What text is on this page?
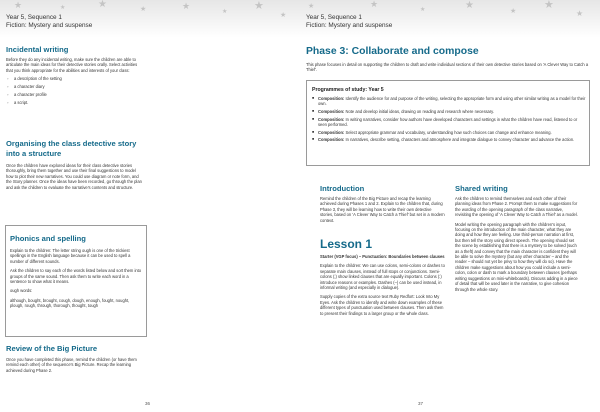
★	★	★	★	★
★ ★
★
Year 5, Sequence 1
Fiction: Mystery and suspense
Incidental writing
Before they do any incidental writing, make sure the children are able to articulate the main ideas for their detective stories orally. Select activities that you think appropriate for the abilities and interests of your class:
◦ a description of the setting
◦ a character diary
◦ a character profile
◦ a script.
Organising the class detective story into a structure
Once the children have explored ideas for their class detective stories thoroughly, bring them together and use their final suggestions to model how to plot their new narratives. You could use diagram or note form, and the Story planner. Once the ideas have been recorded, go through the plan and ask the children to evaluate the narrative's contents and structure.
Phonics and spelling
Explain to the children: The letter string ough is one of the trickiest spellings in the English language because it can be used to spell a number of different sounds.
Ask the children to say each of the words listed below and sort them into groups of the same sound. Then ask them to write each word in a sentence to show what it means.
ough words:
although, bought, brought, cough, dough, enough, fought, nought, plough, rough, through, thorough, thought, tough
Review of the Big Picture
Once you have completed this phase, remind the children (or have them remind each other) of the sequence's Big Picture. Recap the learning achieved during Phase 2.
36
★	★
★	★
★
★
★
Year 5, Sequence 1
Fiction: Mystery and suspense
Phase 3: Collaborate and compose
This phase focuses in detail on supporting the children to draft and write individual sections of their own detective stories based on 'A Clever Way to Catch a Thief'.
Programmes of study: Year 5
■ Composition: Identify the audience for and purpose of the writing, selecting the appropriate form and using other similar writing as a model for their own.
■ Composition: Note and develop initial ideas, drawing on reading and research where necessary.
■ Composition: In writing narratives, consider how authors have developed characters and settings in what the children have read, listened to or seen performed.
■ Composition: Select appropriate grammar and vocabulary, understanding how such choices can change and enhance meaning.
■ Composition: In narratives, describe setting, characters and atmosphere and integrate dialogue to convey character and advance the action.
Introduction
Remind the children of the Big Picture and recap the learning achieved during Phases 1 and 2. Explain to the children that, during Phase 3, they will be learning how to write their own detective stories, based on 'A Clever Way to Catch a Thief' but set in a modern context.
Lesson 1
Starter (VGP focus) – Punctuation: Boundaries between clauses
Explain to the children: We can use colons, semi-colons or dashes to separate main clauses, instead of full stops or conjunctions. Semi-colons (;) show linked clauses that are equally important. Colons (:) introduce reasons or examples. Dashes (–) can be used instead, in informal writing (and especially in dialogue).
Supply copies of the extra source text Ruby Redfort: Look Into My Eyes. Ask the children to identify and write down examples of these different types of punctuation used between clauses. Then ask them to present their findings to a larger group or the whole class.
Shared writing
Ask the children to remind themselves and each other of their planning ideas from Phase 2. Prompt them to make suggestions for the wording of the opening paragraph of the class narrative, revisiting the opening of 'A Clever Way to Catch a Thief' as a model.
Model writing the opening paragraph with the children's input, focusing on the introduction of the main character, what they are doing and how they are feeling. Use third-person narration at first, but then tell the story using direct speech. The opening should set the scene by establishing that there is a mystery to be solved (such as a theft) and convey that the main character is confident they will be able to solve the mystery (but any other character – and the reader – should not yet be privy to how they will do so). Have the children make suggestions about how you could include a semi-colon, colon or dash to mark a boundary between clauses (perhaps writing suggestions on mini-whiteboards). Discuss adding in a piece of detail that will be used later in the narrative, to give cohesion through the whole story.
37
